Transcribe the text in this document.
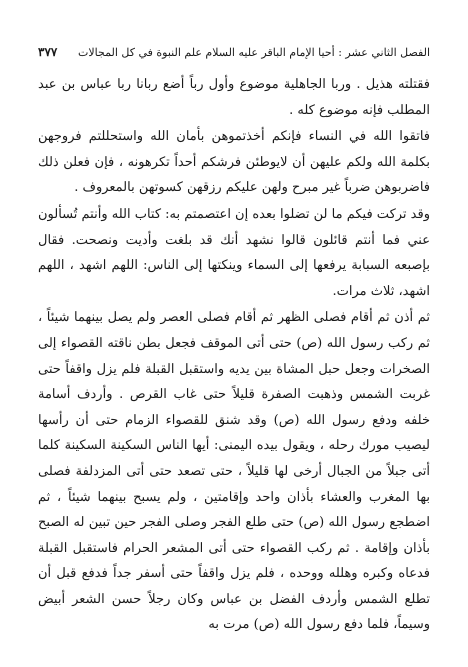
الفصل الثاني عشر : أحيا الإمام الباقر عليه السلام علم النبوة في كل المجالات
٣٧٧

فقتلته هذيل . وربا الجاهلية موضوع وأول رباً أضع ربانا ربا عباس بن عبد المطلب فإنه موضوع كله .

فاتقوا الله في النساء فإنكم أخذتموهن بأمان الله واستحللتم فروجهن بكلمة الله ولكم عليهن أن لايوطئن فرشكم أحداً تكرهونه ، فإن فعلن ذلك فاضربوهن ضرباً غير مبرح ولهن عليكم رزقهن كسوتهن بالمعروف .

وقد تركت فيكم ما لن تضلوا بعده إن اعتصمتم به: كتاب الله وأنتم تُسألون عني فما أنتم قائلون قالوا نشهد أنك قد بلغت وأديت ونصحت. فقال بإصبعه السبابة يرفعها إلى السماء وينكتها إلى الناس: اللهم اشهد ، اللهم اشهد، ثلاث مرات.

ثم أذن ثم أقام فصلى الظهر ثم أقام فصلى العصر ولم يصل بينهما شيئاً ، ثم ركب رسول الله (ص) حتى أتى الموقف فجعل بطن ناقته القصواء إلى الصخرات وجعل حبل المشاة بين يديه واستقبل القبلة فلم يزل واقفاً حتى غربت الشمس وذهبت الصفرة قليلاً حتى غاب القرص . وأردف أسامة خلفه ودفع رسول الله (ص) وقد شنق للقصواء الزمام حتى أن رأسها ليصيب مورك رحله ، ويقول بيده اليمنى: أيها الناس السكينة السكينة كلما أتى جبلاً من الجبال أرخى لها قليلاً ، حتى تصعد حتى أتى المزدلفة فصلى بها المغرب والعشاء بأذان واحد وإقامتين ، ولم يسبح بينهما شيئاً ، ثم اضطجع رسول الله (ص) حتى طلع الفجر وصلى الفجر حين تبين له الصبح بأذان وإقامة . ثم ركب القصواء حتى أتى المشعر الحرام فاستقبل القبلة فدعاه وكبره وهلله ووحده ، فلم يزل واقفاً حتى أسفر جداً فدفع قبل أن تطلع الشمس وأردف الفضل بن عباس وكان رجلاً حسن الشعر أبيض وسيماً، فلما دفع رسول الله (ص) مرت به
